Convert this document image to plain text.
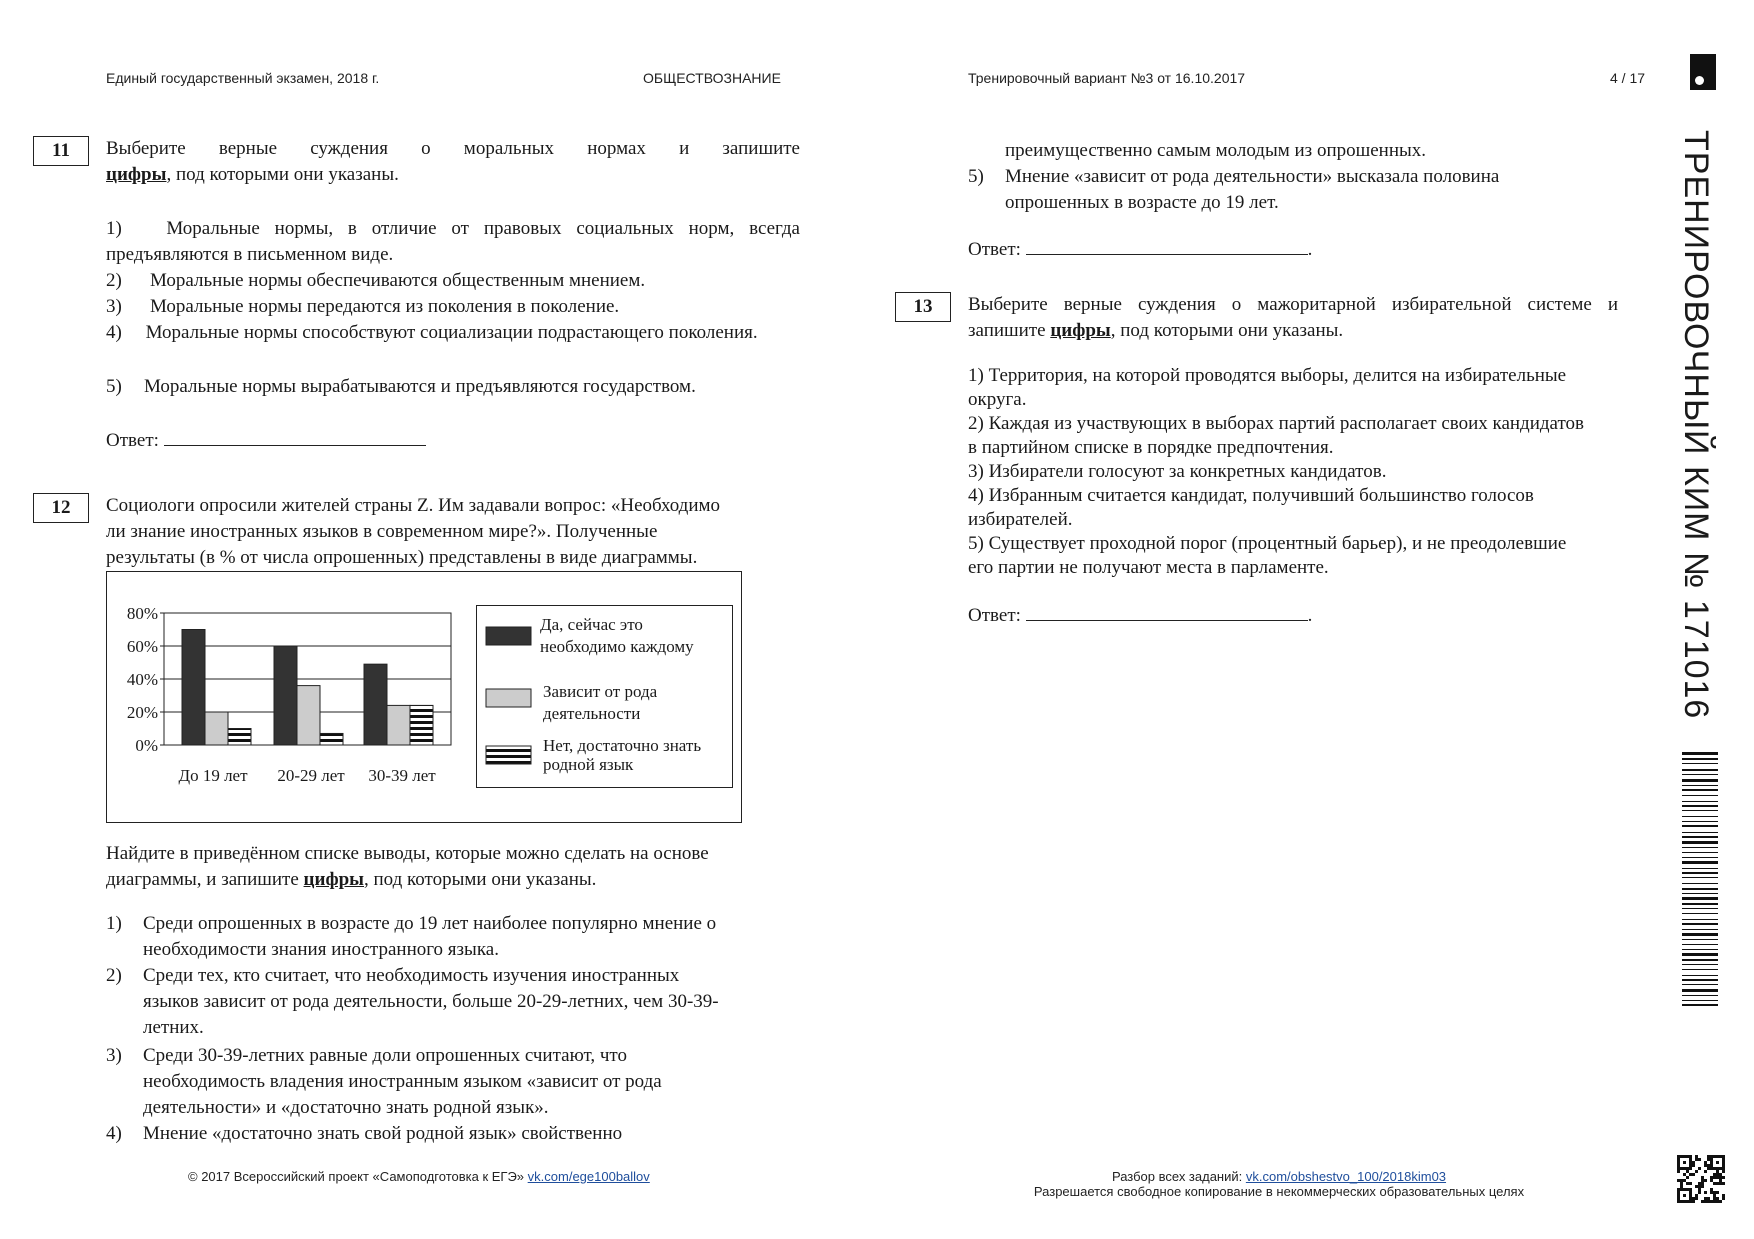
Единый государственный экзамен, 2018 г.	ОБЩЕСТВОЗНАНИЕ	Тренировочный вариант №3 от 16.10.2017	4 / 17
11	Выберите верные суждения о моральных нормах и запишите
цифры, под которыми они указаны.
1) Моральные нормы, в отличие от правовых социальных норм, всегда предъявляются в письменном виде.
2)	Моральные нормы обеспечиваются общественным мнением.
3)	Моральные нормы передаются из поколения в поколение.
4) Моральные нормы способствуют социализации подрастающего поколения.
5)	Моральные нормы вырабатываются и предъявляются государством.
Ответ:
12	Социологи опросили жителей страны Z. Им задавали вопрос: «Необходимо
ли знание иностранных языков в современном мире?». Полученные
результаты (в % от числа опрошенных) представлены в виде диаграммы.
80%
60%
40%
20%
0%
До 19 лет 20-29 лет 30-39 лет
Да, сейчас это
необходимо каждому
Зависит от рода
деятельности
Нет, достаточно знать
родной язык
Найдите в приведённом списке выводы, которые можно сделать на основе
диаграммы, и запишите цифры, под которыми они указаны.
1)	Среди опрошенных в возрасте до 19 лет наиболее популярно мнение о
необходимости знания иностранного языка.
2)	Среди тех, кто считает, что необходимость изучения иностранных
языков зависит от рода деятельности, больше 20-29-летних, чем 30-39-
летних.
3)	Среди 30-39-летних равные доли опрошенных считают, что
необходимость владения иностранным языком «зависит от рода
деятельности» и «достаточно знать родной язык».
4)	Мнение «достаточно знать свой родной язык» свойственно
преимущественно самым молодым из опрошенных.
5)	Мнение «зависит от рода деятельности» высказала половина
опрошенных в возрасте до 19 лет.
Ответ:	.
13	Выберите верные суждения о мажоритарной избирательной системе и
запишите цифры, под которыми они указаны.
1) Территория, на которой проводятся выборы, делится на избирательные
округа.
2) Каждая из участвующих в выборах партий располагает своих кандидатов
в партийном списке в порядке предпочтения.
3) Избиратели голосуют за конкретных кандидатов.
4) Избранным считается кандидат, получивший большинство голосов
избирателей.
5) Существует проходной порог (процентный барьер), и не преодолевшие
его партии не получают места в парламенте.
Ответ:	.	ТРЕНИРОВОЧНЫЙ КИМ № 171016
© 2017 Всероссийский проект «Самоподготовка к ЕГЭ» vk.com/ege100ballov	Разбор всех заданий: vk.com/obshestvo_100/2018kim03
Разрешается свободное копирование в некоммерческих образовательных целях
